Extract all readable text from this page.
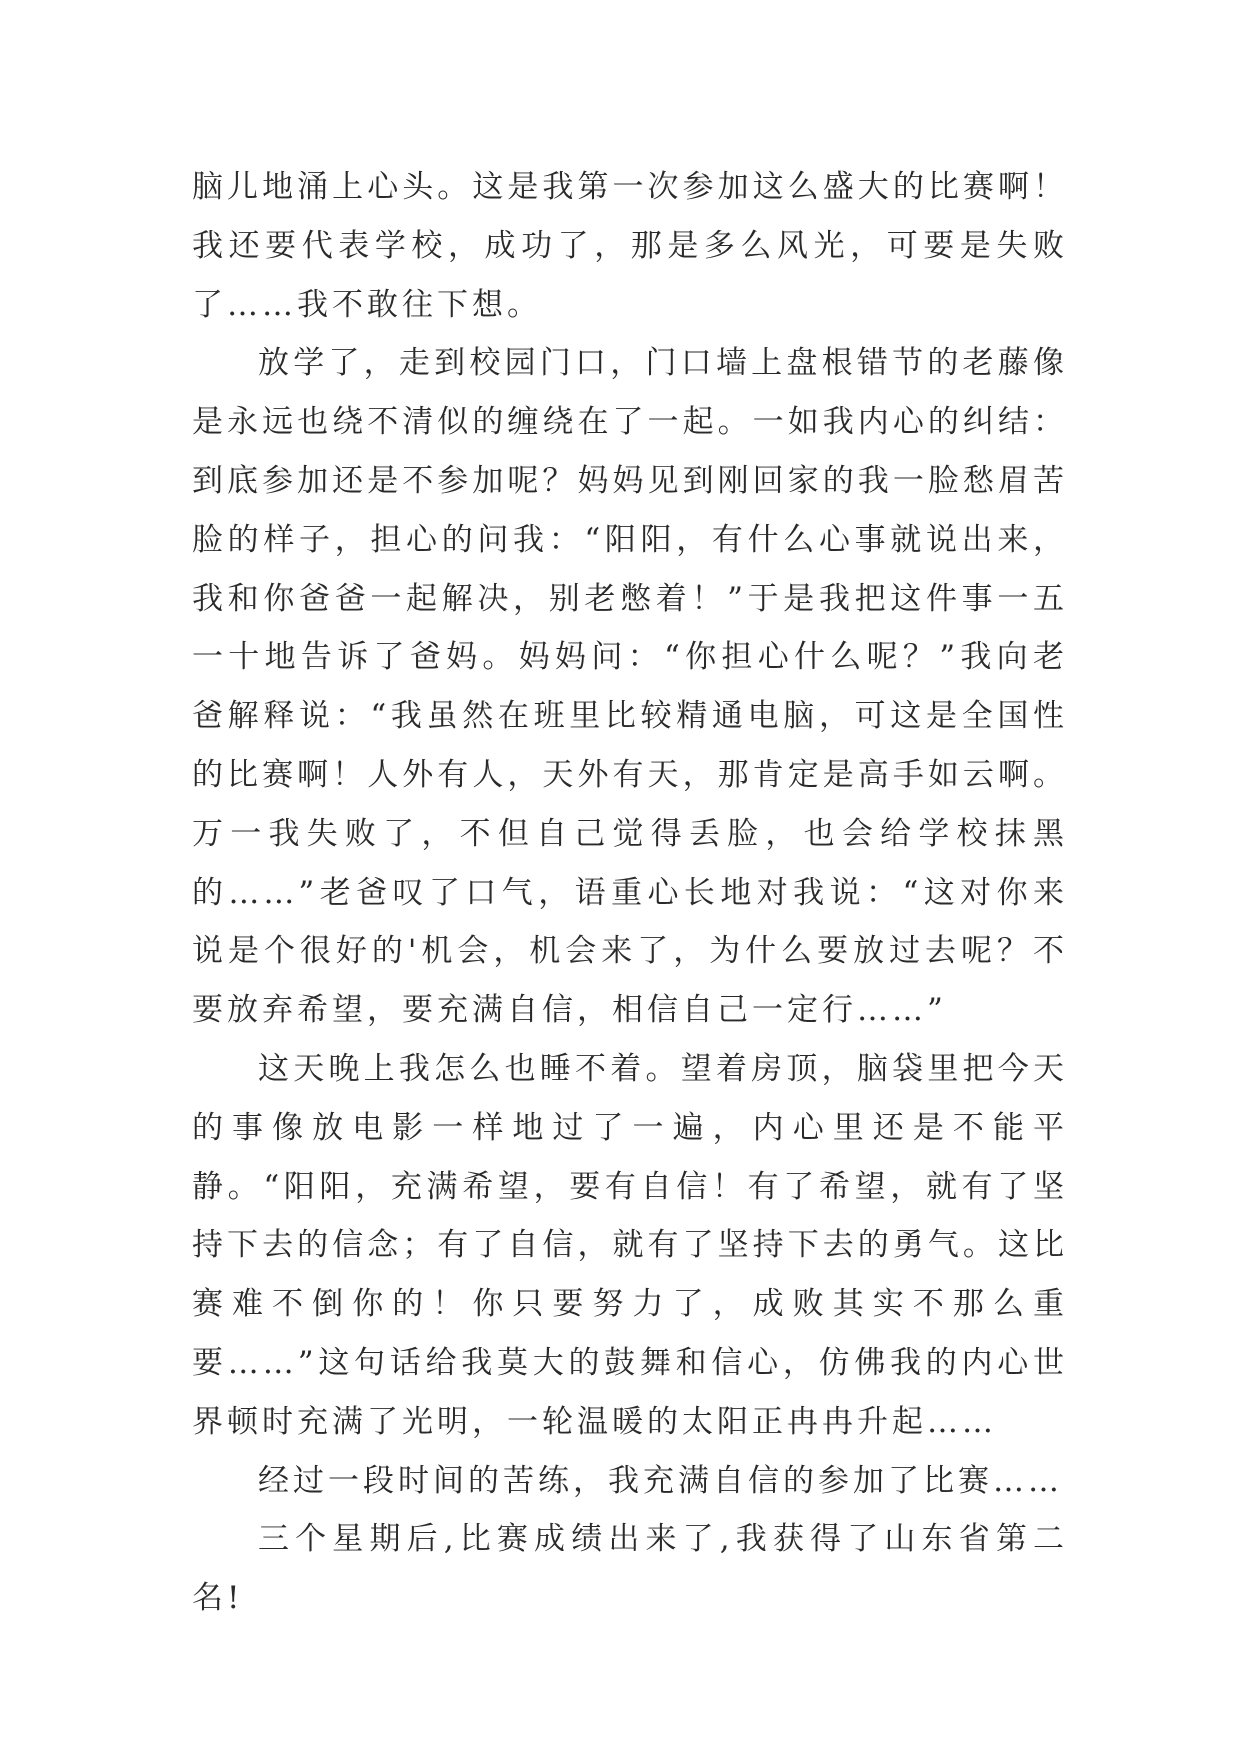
脑儿地涌上心头。这是我第一次参加这么盛大的比赛啊！我还要代表学校，成功了，那是多么风光，可要是失败了……我不敢往下想。

放学了，走到校园门口，门口墙上盘根错节的老藤像是永远也绕不清似的缠绕在了一起。一如我内心的纠结：到底参加还是不参加呢？妈妈见到刚回家的我一脸愁眉苦脸的样子，担心的问我：“阳阳，有什么心事就说出来，我和你爸爸一起解决，别老憋着！”于是我把这件事一五一十地告诉了爸妈。妈妈问：“你担心什么呢？”我向老爸解释说：“我虽然在班里比较精通电脑，可这是全国性的比赛啊！人外有人，天外有天，那肯定是高手如云啊。万一我失败了，不但自己觉得丢脸，也会给学校抹黑的……”老爸叹了口气，语重心长地对我说：“这对你来说是个很好的'机会，机会来了，为什么要放过去呢？不要放弃希望，要充满自信，相信自己一定行……”

这天晚上我怎么也睡不着。望着房顶，脑袋里把今天的事像放电影一样地过了一遍，内心里还是不能平静。“阳阳，充满希望，要有自信！有了希望，就有了坚持下去的信念；有了自信，就有了坚持下去的勇气。这比赛难不倒你的！你只要努力了，成败其实不那么重要……”这句话给我莫大的鼓舞和信心，仿佛我的内心世界顿时充满了光明，一轮温暖的太阳正冉冉升起……

经过一段时间的苦练，我充满自信的参加了比赛……

三个星期后,比赛成绩出来了,我获得了山东省第二名!
